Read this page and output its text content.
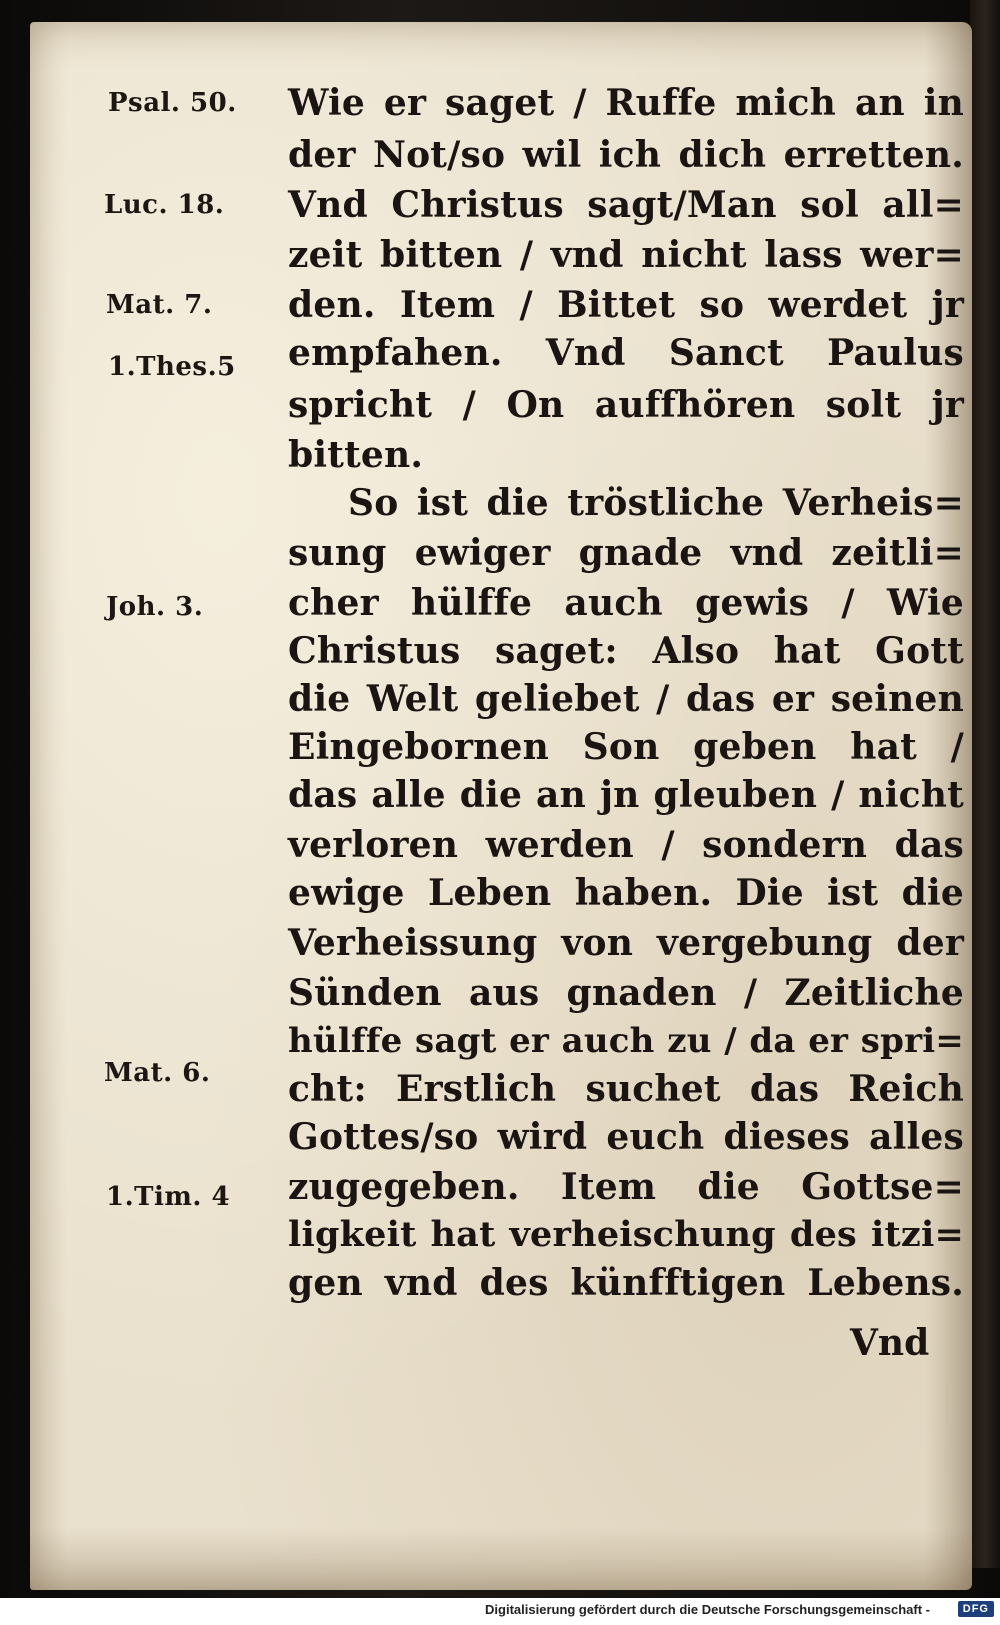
Psal. 50.
Luc. 18.
Mat. 7.
1.Thes.5
Joh. 3.
Mat. 6.
1.Tim. 4
Wie er saget / Ruffe mich an in
der Not/so wil ich dich erretten.
Vnd Christus sagt/Man sol all=
zeit bitten / vnd nicht lass wer=
den. Item / Bittet so werdet jr
empfahen. Vnd Sanct Paulus
spricht / On auffhören solt jr
bitten.
So ist die tröstliche Verheis=
sung ewiger gnade vnd zeitli=
cher hülffe auch gewis / Wie
Christus saget: Also hat Gott
die Welt geliebet / das er seinen
Eingebornen Son geben hat /
das alle die an jn gleuben / nicht
verloren werden / sondern das
ewige Leben haben. Die ist die
Verheissung von vergebung der
Sünden aus gnaden / Zeitliche
hülffe sagt er auch zu / da er spri=
cht: Erstlich suchet das Reich
Gottes/so wird euch dieses alles
zugegeben. Item die Gottse=
ligkeit hat verheischung des itzi=
gen vnd des künfftigen Lebens.
Vnd
Digitalisierung gefördert durch die Deutsche Forschungsgemeinschaft -	DFG
